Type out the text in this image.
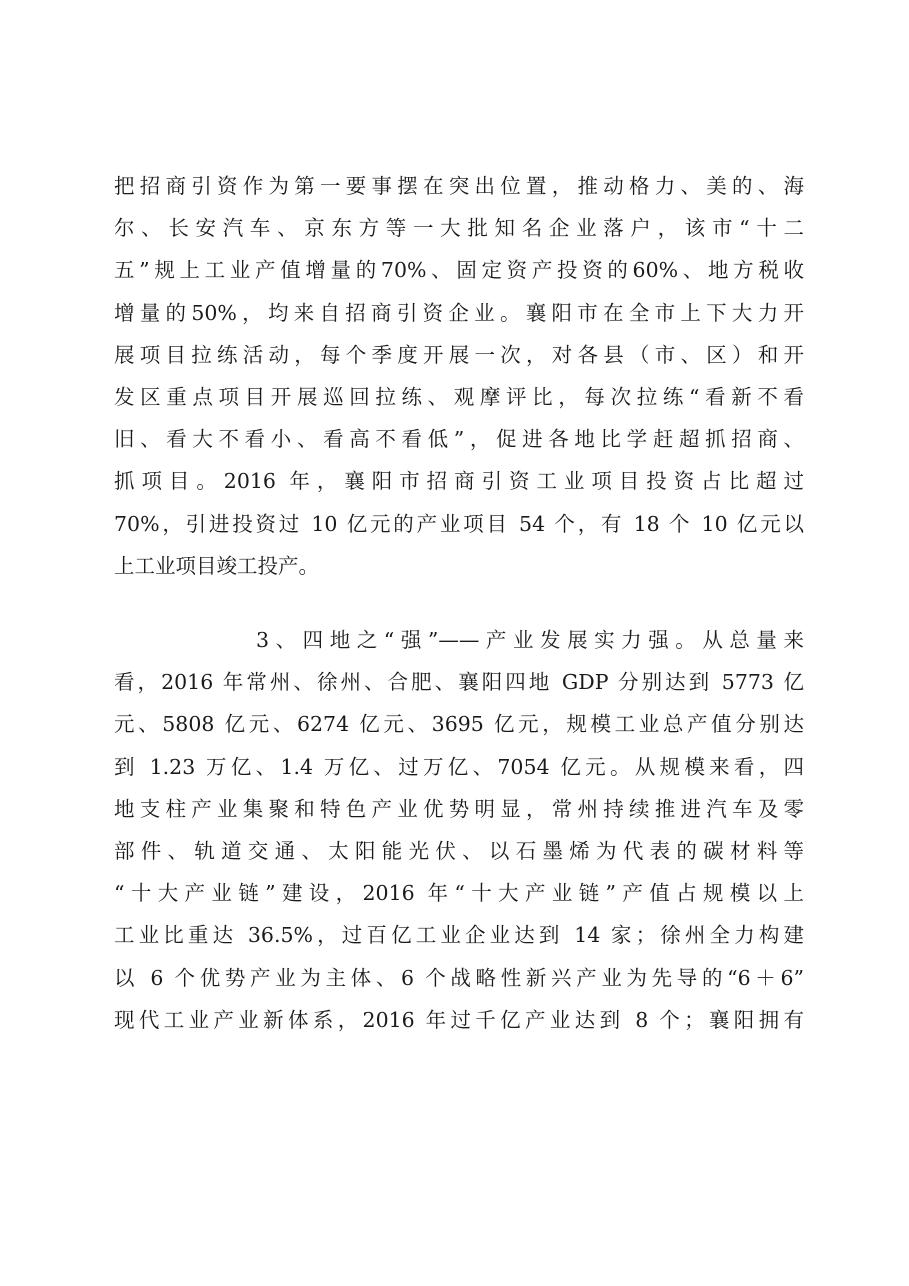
把招商引资作为第一要事摆在突出位置，推动格力、美的、海
尔、长安汽车、京东方等一大批知名企业落户，该市“十二
五”规上工业产值增量的70%、固定资产投资的60%、地方税收
增量的50%，均来自招商引资企业。襄阳市在全市上下大力开
展项目拉练活动，每个季度开展一次，对各县（市、区）和开
发区重点项目开展巡回拉练、观摩评比，每次拉练“看新不看
旧、看大不看小、看高不看低”，促进各地比学赶超抓招商、
抓项目。2016 年，襄阳市招商引资工业项目投资占比超过
70%，引进投资过 10 亿元的产业项目 54 个，有 18 个 10 亿元以
上工业项目竣工投产。
3、四地之“强”——产业发展实力强。从总量来
看，2016 年常州、徐州、合肥、襄阳四地 GDP 分别达到 5773 亿
元、5808 亿元、6274 亿元、3695 亿元，规模工业总产值分别达
到 1.23 万亿、1.4 万亿、过万亿、7054 亿元。从规模来看，四
地支柱产业集聚和特色产业优势明显，常州持续推进汽车及零
部件、轨道交通、太阳能光伏、以石墨烯为代表的碳材料等
“十大产业链”建设，2016 年“十大产业链”产值占规模以上
工业比重达 36.5%，过百亿工业企业达到 14 家；徐州全力构建
以 6 个优势产业为主体、6 个战略性新兴产业为先导的“6＋6”
现代工业产业新体系，2016 年过千亿产业达到 8 个；襄阳拥有
